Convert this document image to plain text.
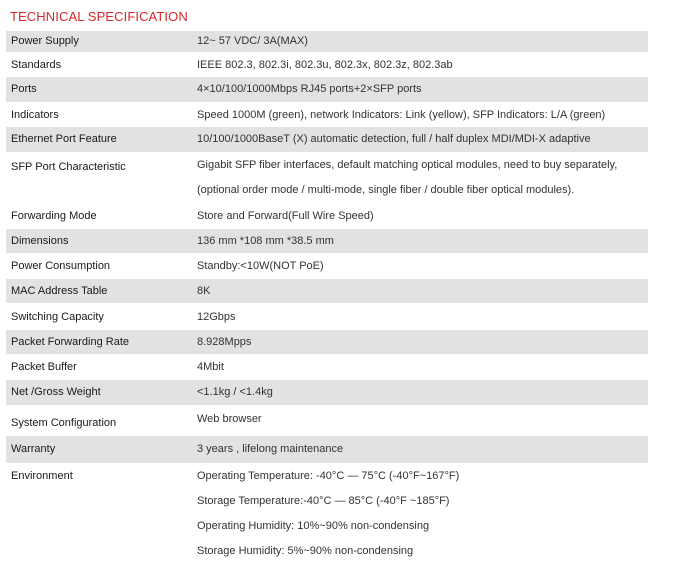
TECHNICAL SPECIFICATION
Power Supply	12~ 57 VDC/ 3A(MAX)
Standards	IEEE 802.3, 802.3i, 802.3u, 802.3x, 802.3z, 802.3ab
Ports	4×10/100/1000Mbps RJ45 ports+2×SFP ports
Indicators	Speed 1000M (green), network Indicators: Link (yellow), SFP Indicators: L/A (green)
Ethernet Port Feature	10/100/1000BaseT (X) automatic detection, full / half duplex MDI/MDI-X adaptive
SFP Port Characteristic	Gigabit SFP fiber interfaces, default matching optical modules, need to buy separately,
(optional order mode / multi-mode, single fiber / double fiber optical modules).

Forwarding Mode	Store and Forward(Full Wire Speed)
Dimensions	136 mm *108 mm *38.5 mm
Power Consumption	Standby:<10W(NOT PoE)
MAC Address Table	8K
Switching Capacity	12Gbps
Packet Forwarding Rate	8.928Mpps
Packet Buffer	4Mbit
Net /Gross Weight	<1.1kg / <1.4kg
System Configuration	Web browser
Warranty	3 years , lifelong maintenance
Environment	Operating Temperature: -40°C — 75°C (-40°F~167°F)
Storage Temperature:-40°C — 85°C (-40°F ~185°F)
Operating Humidity: 10%~90% non-condensing
Storage Humidity: 5%~90% non-condensing
